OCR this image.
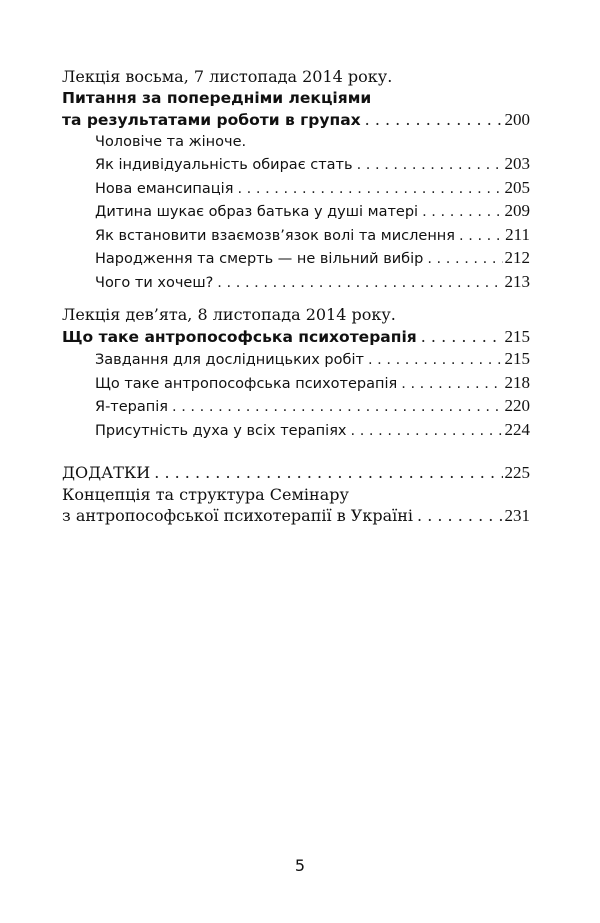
Лекція восьма, 7 листопада 2014 року.
Питання за попередніми лекціями
та результатами роботи в групах . . .	200
Чоловіче та жіноче.
Як індивідуальність обирає стать . . .	203
Нова емансипація . . .	205
Дитина шукає образ батька у душі матері . . .	209
Як встановити взаємозв’язок волі та мислення . . .	211
Народження та смерть — не вільний вибір . . .	212
Чого ти хочеш? . . .	213
Лекція дев’ята, 8 листопада 2014 року.
Що таке антропософська психотерапія . . .	215
Завдання для дослідницьких робіт . . .	215
Що таке антропософська психотерапія . . .	218
Я-терапія . . .	220
Присутність духа у всіх терапіях . . .	224
ДОДАТКИ . . .	225
Концепція та структура Семінару
з антропософської психотерапії в Україні . . .	231
5
